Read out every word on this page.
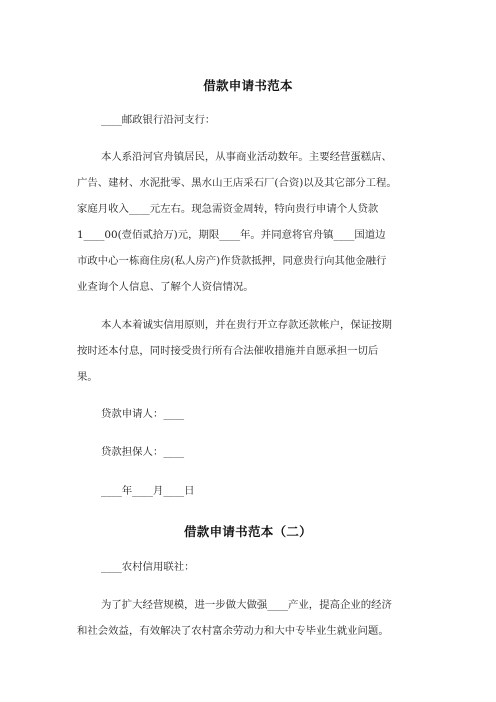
借款申请书范本
____邮政银行沿河支行：
本人系沿河官舟镇居民，从事商业活动数年。主要经营蛋糕店、
广告、建材、水泥批零、黑水山王店采石厂(合资)以及其它部分工程。
家庭月收入____元左右。现急需资金周转，特向贵行申请个人贷款
1____00(壹佰贰拾万)元，期限____年。并同意将官舟镇____国道边
市政中心一栋商住房(私人房产)作贷款抵押，同意贵行向其他金融行
业查询个人信息、了解个人资信情况。
本人本着诚实信用原则，并在贵行开立存款还款帐户，保证按期
按时还本付息，同时接受贵行所有合法催收措施并自愿承担一切后
果。
贷款申请人：____
贷款担保人：____
____年____月____日
借款申请书范本（二）
____农村信用联社：
为了扩大经营规模，进一步做大做强____产业，提高企业的经济
和社会效益，有效解决了农村富余劳动力和大中专毕业生就业问题。
